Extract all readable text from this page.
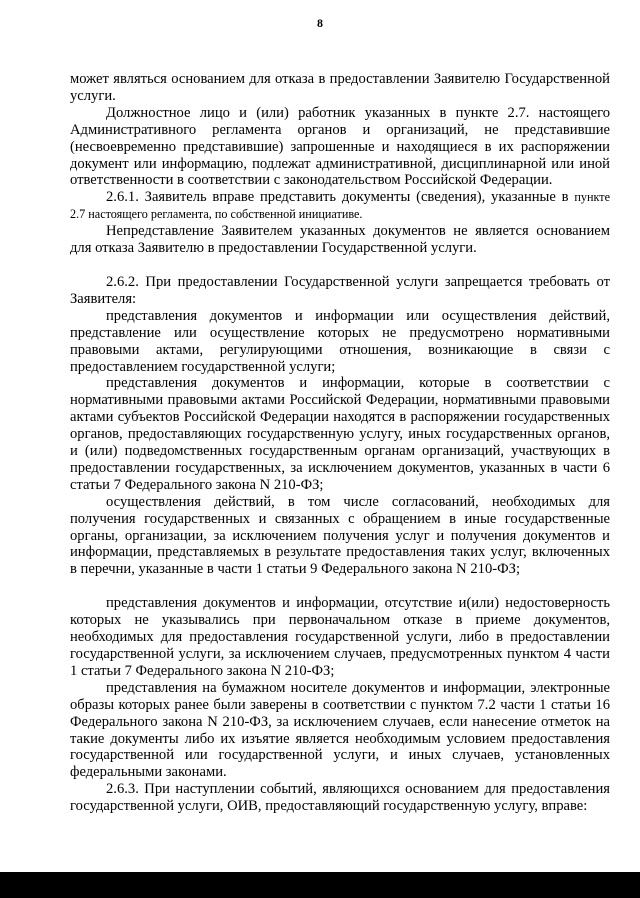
8

может являться основанием для отказа в предоставлении Заявителю Государственной услуги.

Должностное лицо и (или) работник указанных в пункте 2.7. настоящего Административного регламента органов и организаций, не представившие (несвоевременно представившие) запрошенные и находящиеся в их распоряжении документ или информацию, подлежат административной, дисциплинарной или иной ответственности в соответствии с законодательством Российской Федерации.

2.6.1. Заявитель вправе представить документы (сведения), указанные в пункте 2.7 настоящего регламента, по собственной инициативе.

Непредставление Заявителем указанных документов не является основанием для отказа Заявителю в предоставлении Государственной услуги.

2.6.2. При предоставлении Государственной услуги запрещается требовать от Заявителя:

представления документов и информации или осуществления действий, представление или осуществление которых не предусмотрено нормативными правовыми актами, регулирующими отношения, возникающие в связи с предоставлением государственной услуги;

представления документов и информации, которые в соответствии с нормативными правовыми актами Российской Федерации, нормативными правовыми актами субъектов Российской Федерации находятся в распоряжении государственных органов, предоставляющих государственную услугу, иных государственных органов, и (или) подведомственных государственным органам организаций, участвующих в предоставлении государственных, за исключением документов, указанных в части 6 статьи 7 Федерального закона N 210-ФЗ;

осуществления действий, в том числе согласований, необходимых для получения государственных и связанных с обращением в иные государственные органы, организации, за исключением получения услуг и получения документов и информации, представляемых в результате предоставления таких услуг, включенных в перечни, указанные в части 1 статьи 9 Федерального закона N 210-ФЗ;

представления документов и информации, отсутствие и(или) недостоверность которых не указывались при первоначальном отказе в приеме документов, необходимых для предоставления государственной услуги, либо в предоставлении государственной услуги, за исключением случаев, предусмотренных пунктом 4 части 1 статьи 7 Федерального закона N 210-ФЗ;

представления на бумажном носителе документов и информации, электронные образы которых ранее были заверены в соответствии с пунктом 7.2 части 1 статьи 16 Федерального закона N 210-ФЗ, за исключением случаев, если нанесение отметок на такие документы либо их изъятие является необходимым условием предоставления государственной или государственной услуги, и иных случаев, установленных федеральными законами.

2.6.3. При наступлении событий, являющихся основанием для предоставления государственной услуги, ОИВ, предоставляющий государственную услугу, вправе:
